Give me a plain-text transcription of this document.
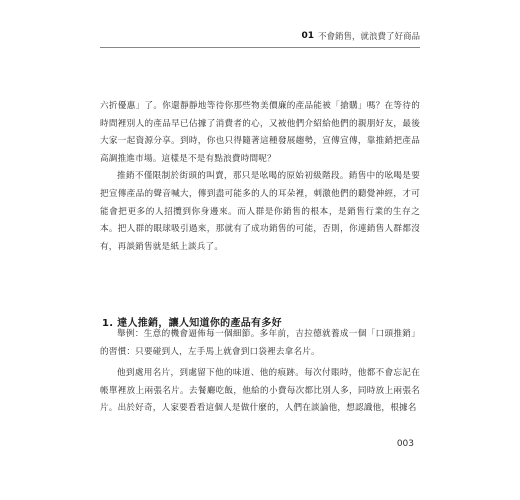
01 不會銷售，就浪費了好商品

六折優惠」了。你還靜靜地等待你那些物美價廉的產品能被「搶購」嗎？在等待的時間裡別人的產品早已佔據了消費者的心，又被他們介紹給他們的親朋好友，最後大家一起資源分享。到時，你也只得隨著這種發展趨勢，宣傳宣傳，靠推銷把產品高調推進市場。這樣是不是有點浪費時間呢？

推銷不僅限制於街頭的叫賣，那只是吆喝的原始初級階段。銷售中的吆喝是要把宣傳產品的聲音喊大，傳到盡可能多的人的耳朵裡，刺激他們的聽覺神經，才可能會把更多的人招攬到你身邊來。而人群是你銷售的根本，是銷售行業的生存之本。把人群的眼球吸引過來，那就有了成功銷售的可能，否則，你連銷售人群都沒有，再談銷售就是紙上談兵了。

1. 達人推銷，讓人知道你的產品有多好

舉例：生意的機會逼佈每一個細節。多年前，吉拉德就養成一個「口頭推銷」的習慣：只要碰到人，左手馬上就會到口袋裡去拿名片。

他到處用名片，到處留下他的味道、他的痕跡。每次付賬時，他都不會忘記在帳單裡放上兩張名片。去餐廳吃飯，他給的小費每次都比別人多，同時放上兩張名片。出於好奇，人家要看看這個人是做什麼的，人們在談論他，想認識他，根據名

003
